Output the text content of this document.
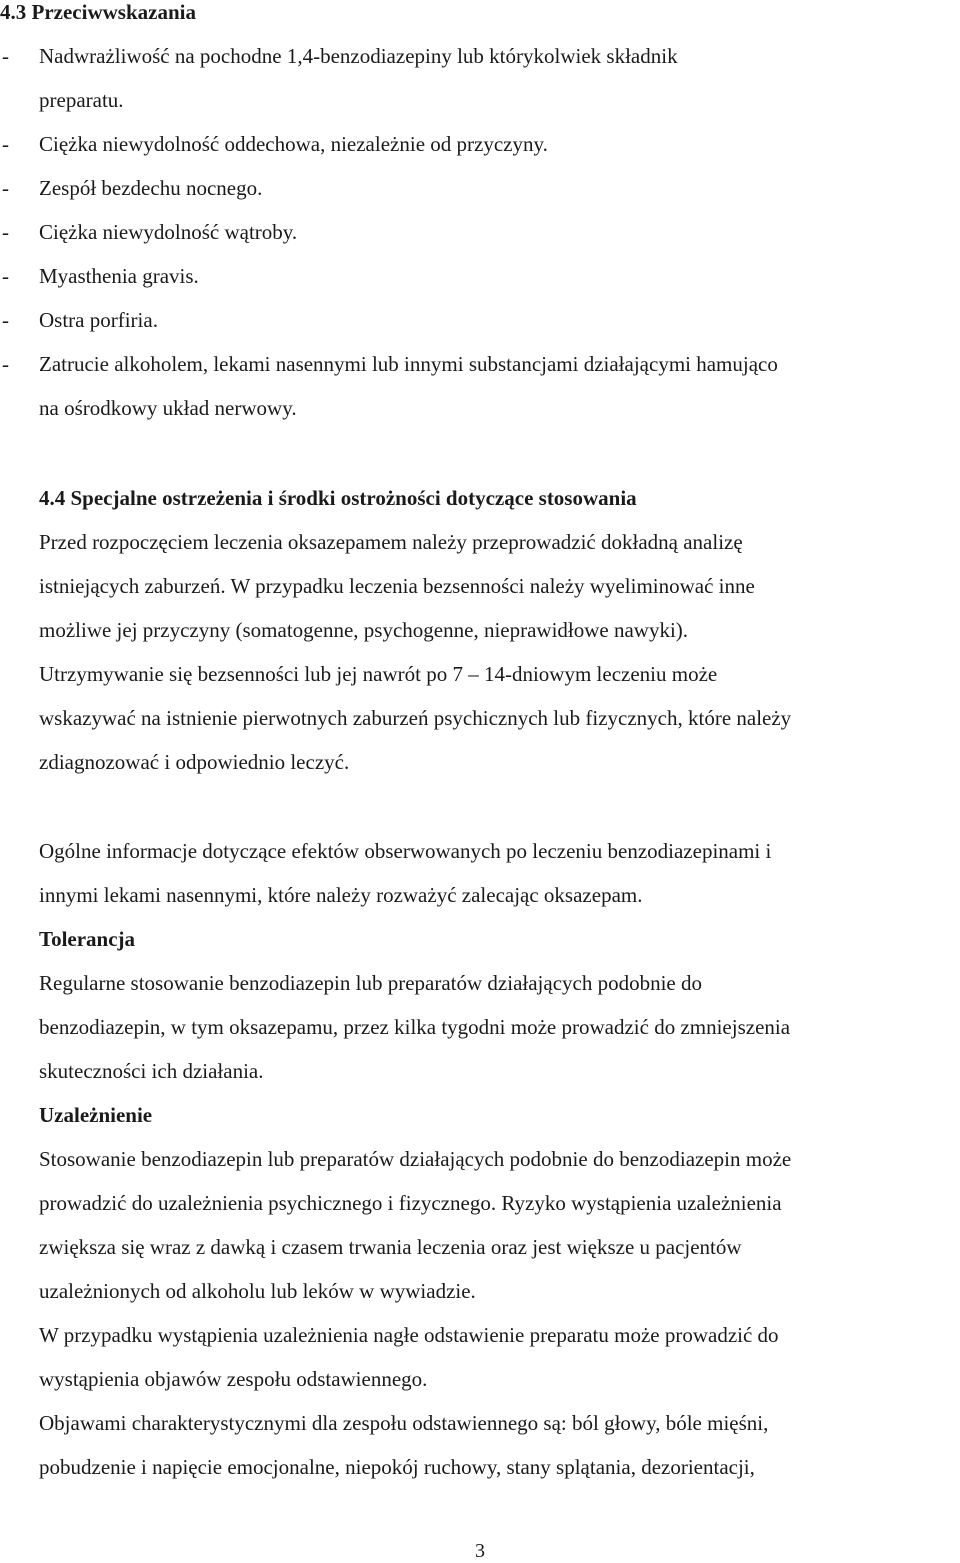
4.3 Przeciwwskazania
- Nadwrażliwość na pochodne 1,4-benzodiazepiny lub którykolwiek składnik
preparatu.
- Ciężka niewydolność oddechowa, niezależnie od przyczyny.
- Zespół bezdechu nocnego.
- Ciężka niewydolność wątroby.
- Myasthenia gravis.
- Ostra porfiria.
- Zatrucie alkoholem, lekami nasennymi lub innymi substancjami działającymi hamująco
na ośrodkowy układ nerwowy.
4.4 Specjalne ostrzeżenia i środki ostrożności dotyczące stosowania
Przed rozpoczęciem leczenia oksazepamem należy przeprowadzić dokładną analizę
istniejących zaburzeń. W przypadku leczenia bezsenności należy wyeliminować inne
możliwe jej przyczyny (somatogenne, psychogenne, nieprawidłowe nawyki).
Utrzymywanie się bezsenności lub jej nawrót po 7 – 14-dniowym leczeniu może
wskazywać na istnienie pierwotnych zaburzeń psychicznych lub fizycznych, które należy
zdiagnozować i odpowiednio leczyć.
Ogólne informacje dotyczące efektów obserwowanych po leczeniu benzodiazepinami i
innymi lekami nasennymi, które należy rozważyć zalecając oksazepam.
Tolerancja
Regularne stosowanie benzodiazepin lub preparatów działających podobnie do
benzodiazepin, w tym oksazepamu, przez kilka tygodni może prowadzić do zmniejszenia
skuteczności ich działania.
Uzależnienie
Stosowanie benzodiazepin lub preparatów działających podobnie do benzodiazepin może
prowadzić do uzależnienia psychicznego i fizycznego. Ryzyko wystąpienia uzależnienia
zwiększa się wraz z dawką i czasem trwania leczenia oraz jest większe u pacjentów
uzależnionych od alkoholu lub leków w wywiadzie.
W przypadku wystąpienia uzależnienia nagłe odstawienie preparatu może prowadzić do
wystąpienia objawów zespołu odstawiennego.
Objawami charakterystycznymi dla zespołu odstawiennego są: ból głowy, bóle mięśni,
pobudzenie i napięcie emocjonalne, niepokój ruchowy, stany splątania, dezorientacji,
3
